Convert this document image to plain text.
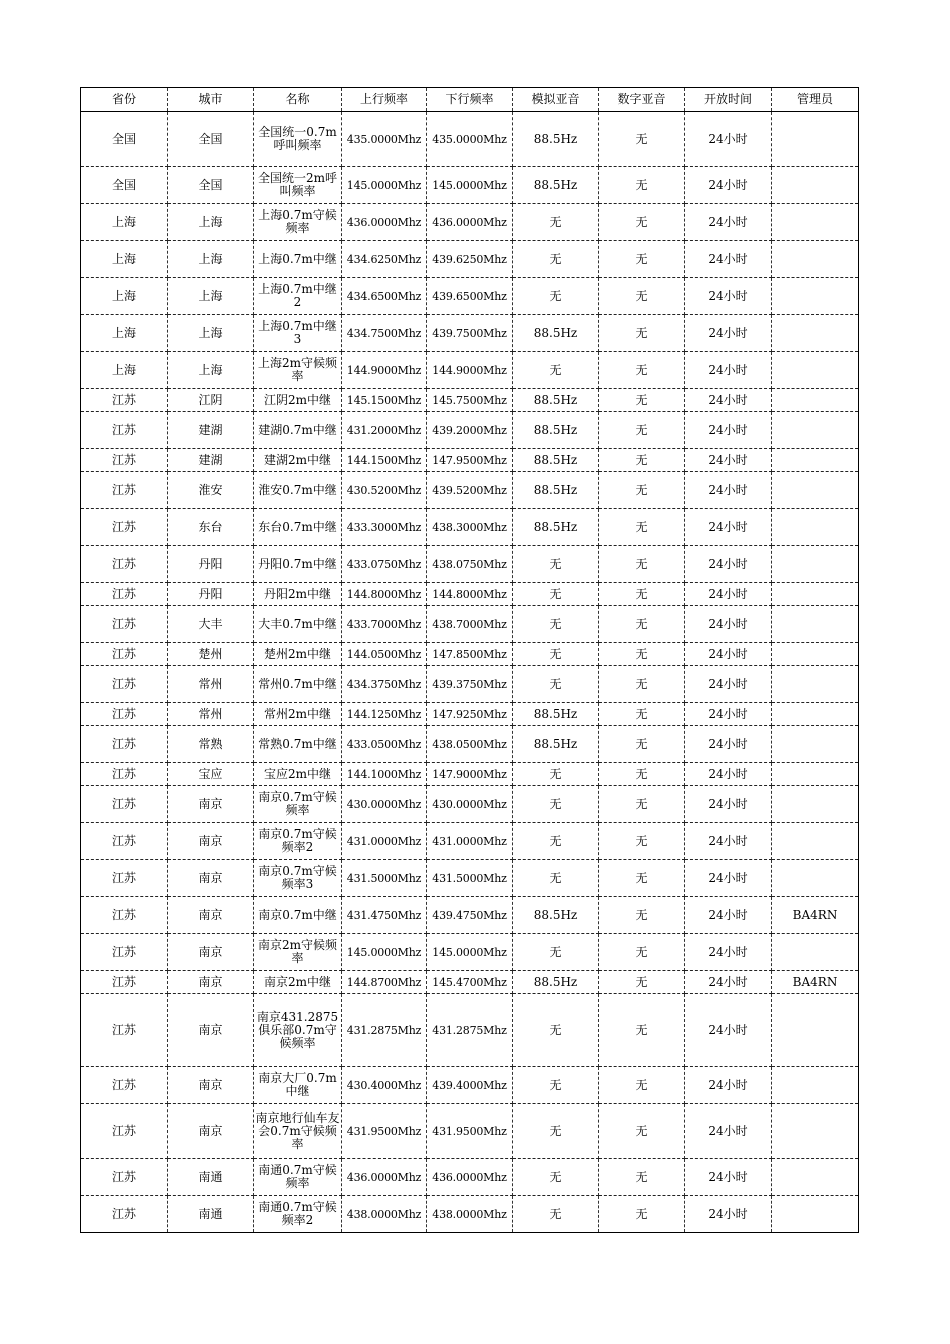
省份	城市	名称	上行频率	下行频率	模拟亚音	数字亚音	开放时间	管理员
全国	全国	全国统一0.7m呼叫频率	435.0000Mhz	435.0000Mhz	88.5Hz	无	24小时	
全国	全国	全国统一2m呼叫频率	145.0000Mhz	145.0000Mhz	88.5Hz	无	24小时	
上海	上海	上海0.7m守候频率	436.0000Mhz	436.0000Mhz	无	无	24小时	
上海	上海	上海0.7m中继	434.6250Mhz	439.6250Mhz	无	无	24小时	
上海	上海	上海0.7m中继2	434.6500Mhz	439.6500Mhz	无	无	24小时	
上海	上海	上海0.7m中继3	434.7500Mhz	439.7500Mhz	88.5Hz	无	24小时	
上海	上海	上海2m守候频率	144.9000Mhz	144.9000Mhz	无	无	24小时	
江苏	江阴	江阴2m中继	145.1500Mhz	145.7500Mhz	88.5Hz	无	24小时	
江苏	建湖	建湖0.7m中继	431.2000Mhz	439.2000Mhz	88.5Hz	无	24小时	
江苏	建湖	建湖2m中继	144.1500Mhz	147.9500Mhz	88.5Hz	无	24小时	
江苏	淮安	淮安0.7m中继	430.5200Mhz	439.5200Mhz	88.5Hz	无	24小时	
江苏	东台	东台0.7m中继	433.3000Mhz	438.3000Mhz	88.5Hz	无	24小时	
江苏	丹阳	丹阳0.7m中继	433.0750Mhz	438.0750Mhz	无	无	24小时	
江苏	丹阳	丹阳2m中继	144.8000Mhz	144.8000Mhz	无	无	24小时	
江苏	大丰	大丰0.7m中继	433.7000Mhz	438.7000Mhz	无	无	24小时	
江苏	楚州	楚州2m中继	144.0500Mhz	147.8500Mhz	无	无	24小时	
江苏	常州	常州0.7m中继	434.3750Mhz	439.3750Mhz	无	无	24小时	
江苏	常州	常州2m中继	144.1250Mhz	147.9250Mhz	88.5Hz	无	24小时	
江苏	常熟	常熟0.7m中继	433.0500Mhz	438.0500Mhz	88.5Hz	无	24小时	
江苏	宝应	宝应2m中继	144.1000Mhz	147.9000Mhz	无	无	24小时	
江苏	南京	南京0.7m守候频率	430.0000Mhz	430.0000Mhz	无	无	24小时	
江苏	南京	南京0.7m守候频率2	431.0000Mhz	431.0000Mhz	无	无	24小时	
江苏	南京	南京0.7m守候频率3	431.5000Mhz	431.5000Mhz	无	无	24小时	
江苏	南京	南京0.7m中继	431.4750Mhz	439.4750Mhz	88.5Hz	无	24小时	BA4RN
江苏	南京	南京2m守候频率	145.0000Mhz	145.0000Mhz	无	无	24小时	
江苏	南京	南京2m中继	144.8700Mhz	145.4700Mhz	88.5Hz	无	24小时	BA4RN
江苏	南京	南京431.2875俱乐部0.7m守候频率	431.2875Mhz	431.2875Mhz	无	无	24小时	
江苏	南京	南京大厂0.7m中继	430.4000Mhz	439.4000Mhz	无	无	24小时	
江苏	南京	南京地行仙车友会0.7m守候频率	431.9500Mhz	431.9500Mhz	无	无	24小时	
江苏	南通	南通0.7m守候频率	436.0000Mhz	436.0000Mhz	无	无	24小时	
江苏	南通	南通0.7m守候频率2	438.0000Mhz	438.0000Mhz	无	无	24小时	
